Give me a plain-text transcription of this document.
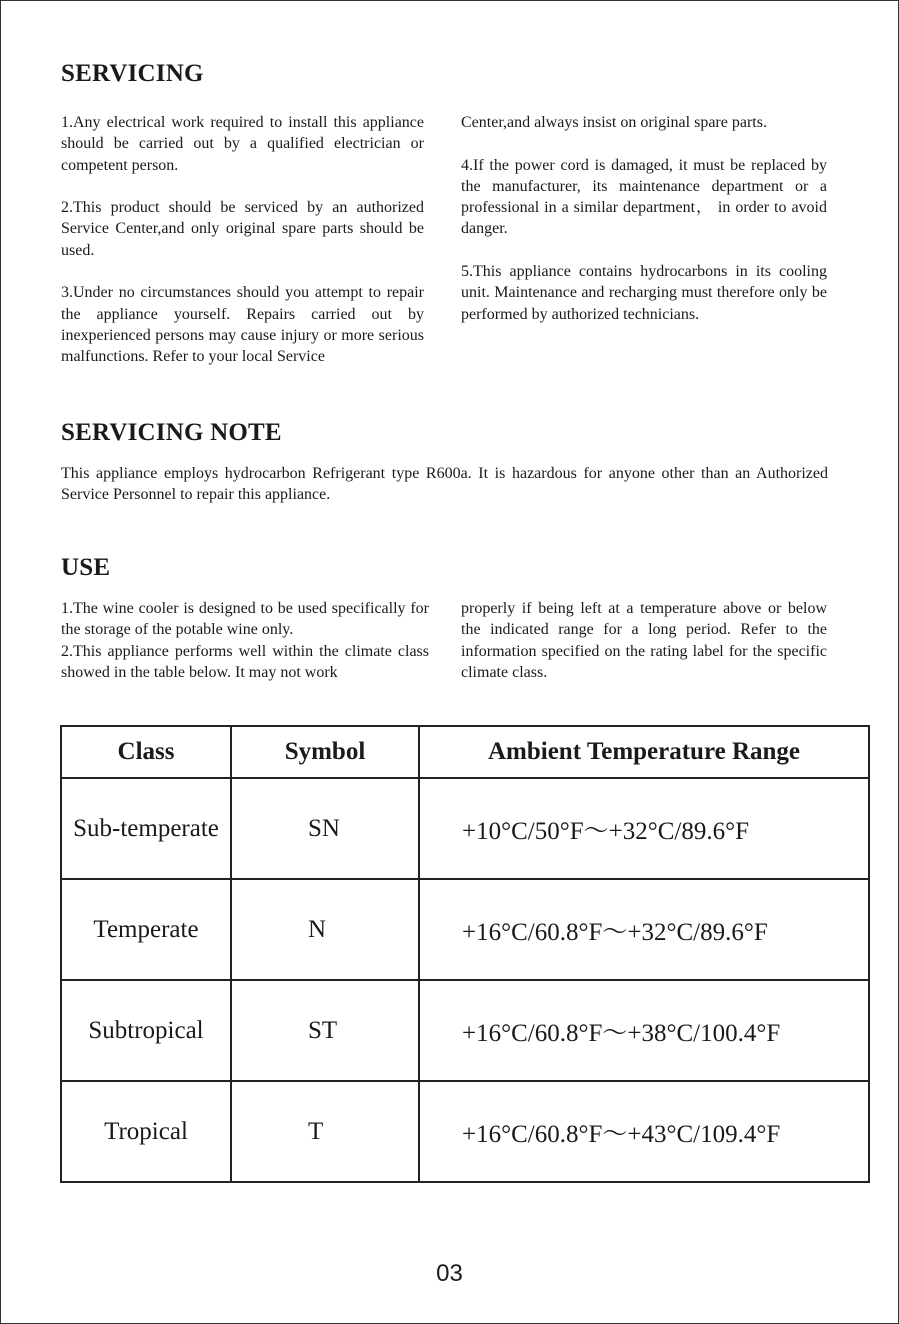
SERVICING

1.Any electrical work required to install this appliance should be carried out by a qualified electrician or competent person.

2.This product should be serviced by an authorized Service Center,and only original spare parts should be used.

3.Under no circumstances should you attempt to repair the appliance yourself. Repairs carried out by inexperienced persons may cause injury or more serious malfunctions. Refer to your local Service

Center,and always insist on original spare parts.

4.If the power cord is damaged, it must be replaced by the manufacturer, its maintenance department or a professional in a similar department， in order to avoid danger.

5.This appliance contains hydrocarbons in its cooling unit. Maintenance and recharging must therefore only be performed by authorized technicians.

SERVICING NOTE

This appliance employs hydrocarbon Refrigerant type R600a. It is hazardous for anyone other than an Authorized Service Personnel to repair this appliance.

USE

1.The wine cooler is designed to be used specifically for the storage of the potable wine only.

2.This appliance performs well within the climate class showed in the table below. It may not work

properly if being left at a temperature above or below the indicated range for a long period. Refer to the information specified on the rating label for the specific climate class.

Class	Symbol	Ambient Temperature Range
Sub-temperate	SN	+10°C/50°F～+32°C/89.6°F
Temperate	N	+16°C/60.8°F～+32°C/89.6°F
Subtropical	ST	+16°C/60.8°F～+38°C/100.4°F
Tropical	T	+16°C/60.8°F～+43°C/109.4°F
03
